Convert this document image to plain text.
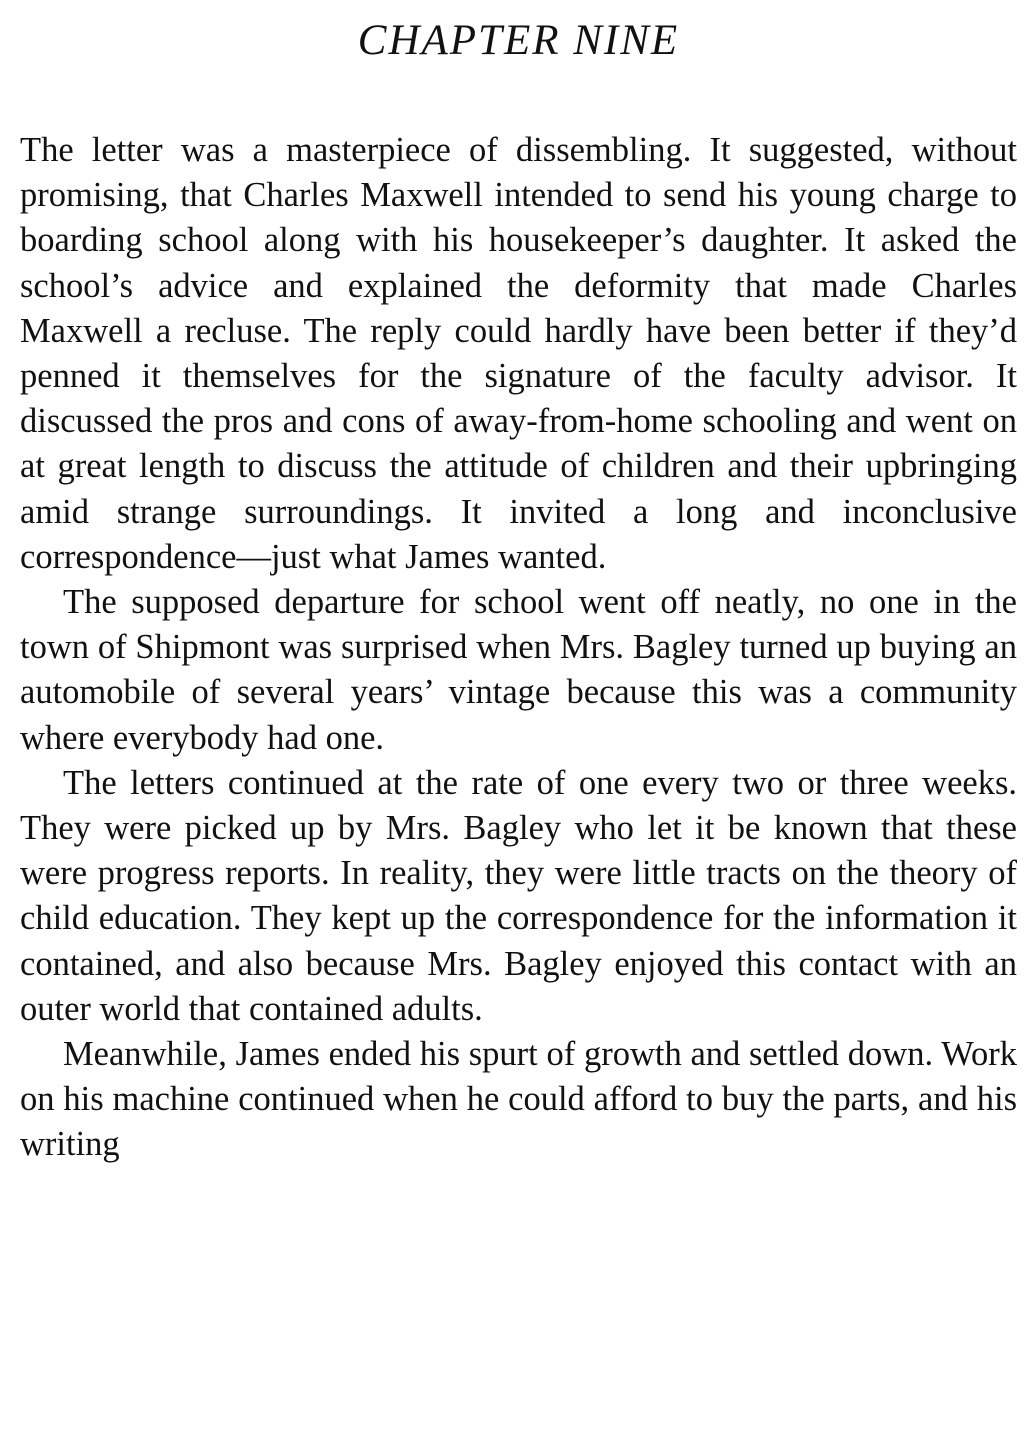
CHAPTER NINE

The letter was a masterpiece of dissembling. It suggested, without promising, that Charles Maxwell intended to send his young charge to boarding school along with his housekeeper’s daughter. It asked the school’s advice and explained the deformity that made Charles Maxwell a recluse. The reply could hardly have been better if they’d penned it themselves for the signature of the faculty advisor. It discussed the pros and cons of away-from-home schooling and went on at great length to discuss the attitude of children and their upbringing amid strange surroundings. It invited a long and inconclusive correspondence—just what James wanted.

The supposed departure for school went off neatly, no one in the town of Shipmont was surprised when Mrs. Bagley turned up buying an automobile of several years’ vintage because this was a community where everybody had one.

The letters continued at the rate of one every two or three weeks. They were picked up by Mrs. Bagley who let it be known that these were progress reports. In reality, they were little tracts on the theory of child education. They kept up the correspondence for the information it contained, and also because Mrs. Bagley enjoyed this contact with an outer world that contained adults.

Meanwhile, James ended his spurt of growth and settled down. Work on his machine continued when he could afford to buy the parts, and his writing
